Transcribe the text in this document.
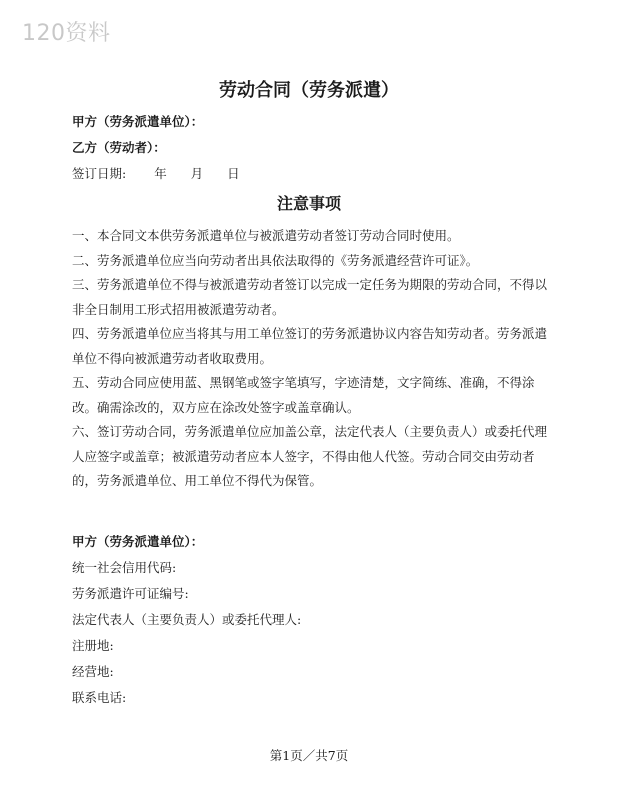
120资料
劳动合同（劳务派遣）
甲方（劳务派遣单位）：
乙方（劳动者）：
签订日期: 年 月 日
注意事项

一、本合同文本供劳务派遣单位与被派遣劳动者签订劳动合同时使用。

二、劳务派遣单位应当向劳动者出具依法取得的《劳务派遣经营许可证》。

三、劳务派遣单位不得与被派遣劳动者签订以完成一定任务为期限的劳动合同，不得以非全日制用工形式招用被派遣劳动者。

四、劳务派遣单位应当将其与用工单位签订的劳务派遣协议内容告知劳动者。劳务派遣单位不得向被派遣劳动者收取费用。

五、劳动合同应使用蓝、黑钢笔或签字笔填写，字迹清楚，文字简练、准确，不得涂改。确需涂改的，双方应在涂改处签字或盖章确认。

六、签订劳动合同，劳务派遣单位应加盖公章，法定代表人（主要负责人）或委托代理人应签字或盖章；被派遣劳动者应本人签字，不得由他人代签。劳动合同交由劳动者的，劳务派遣单位、用工单位不得代为保管。

甲方（劳务派遣单位）：
统一社会信用代码:
劳务派遣许可证编号:
法定代表人（主要负责人）或委托代理人:
注册地:
经营地:
联系电话:
第1页／共7页
